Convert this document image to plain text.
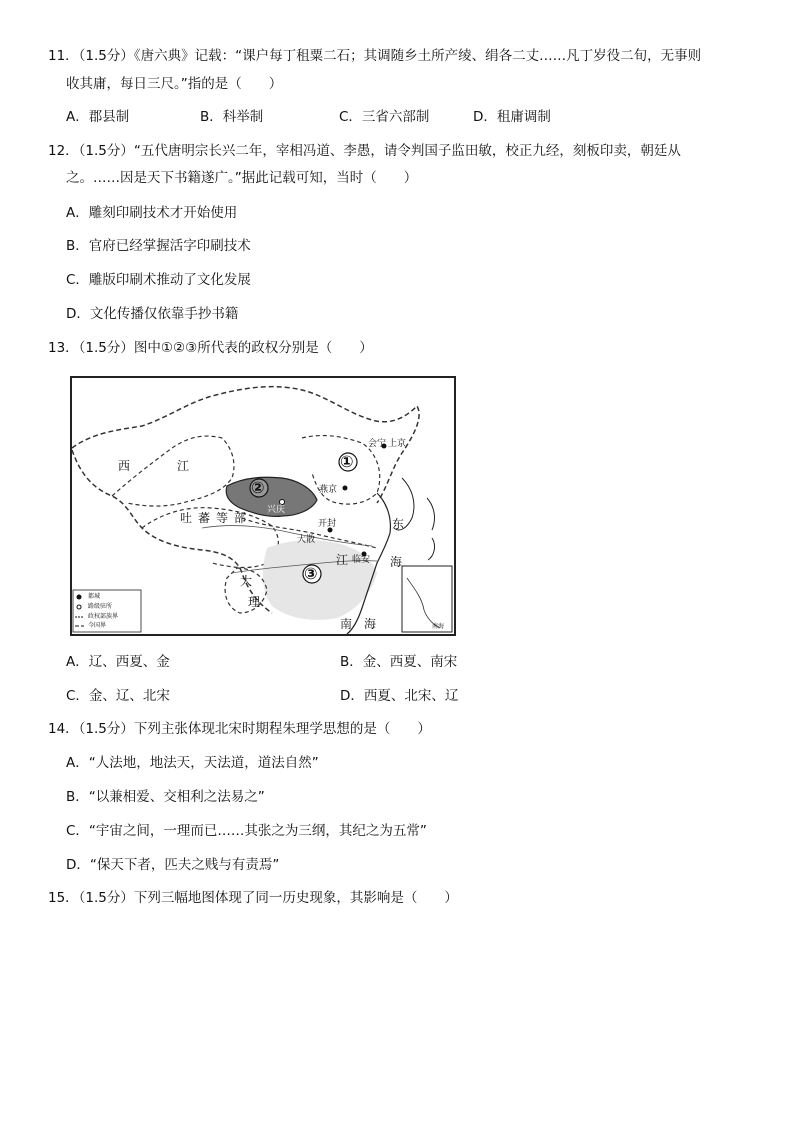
11．（1.5分）《唐六典》记载：“课户每丁租粟二石；其调随乡土所产绫、绢各二丈……凡丁岁役二旬，无事则
收其庸，每日三尺。”指的是（　　）
A．郡县制	B．科举制	C．三省六部制	D．租庸调制
12．（1.5分）“五代唐明宗长兴二年，宰相冯道、李愚，请令判国子监田敏，校正九经，刻板印卖，朝廷从
之。……因是天下书籍遂广。”据此记载可知，当时（　　）
A．雕刻印刷技术才开始使用
B．官府已经掌握活字印刷技术
C．雕版印刷术推动了文化发展
D．文化传播仅依靠手抄书籍
13．（1.5分）图中①②③所代表的政权分别是（　　）
西	江
吐蕃等部
大
理
①
②
③
燕京
会宁 上京
开封
临安
大散
兴庆
东
海
江
南 海	南海
都城
路级驻所
政权部族界
今国界
A．辽、西夏、金	B．金、西夏、南宋
C．金、辽、北宋	D．西夏、北宋、辽
14．（1.5分）下列主张体现北宋时期程朱理学思想的是（　　）
A．“人法地，地法天，天法道，道法自然”
B．“以兼相爱、交相利之法易之”
C．“宇宙之间，一理而已……其张之为三纲，其纪之为五常”
D．“保天下者，匹夫之贱与有责焉”
15．（1.5分）下列三幅地图体现了同一历史现象，其影响是（　　）
